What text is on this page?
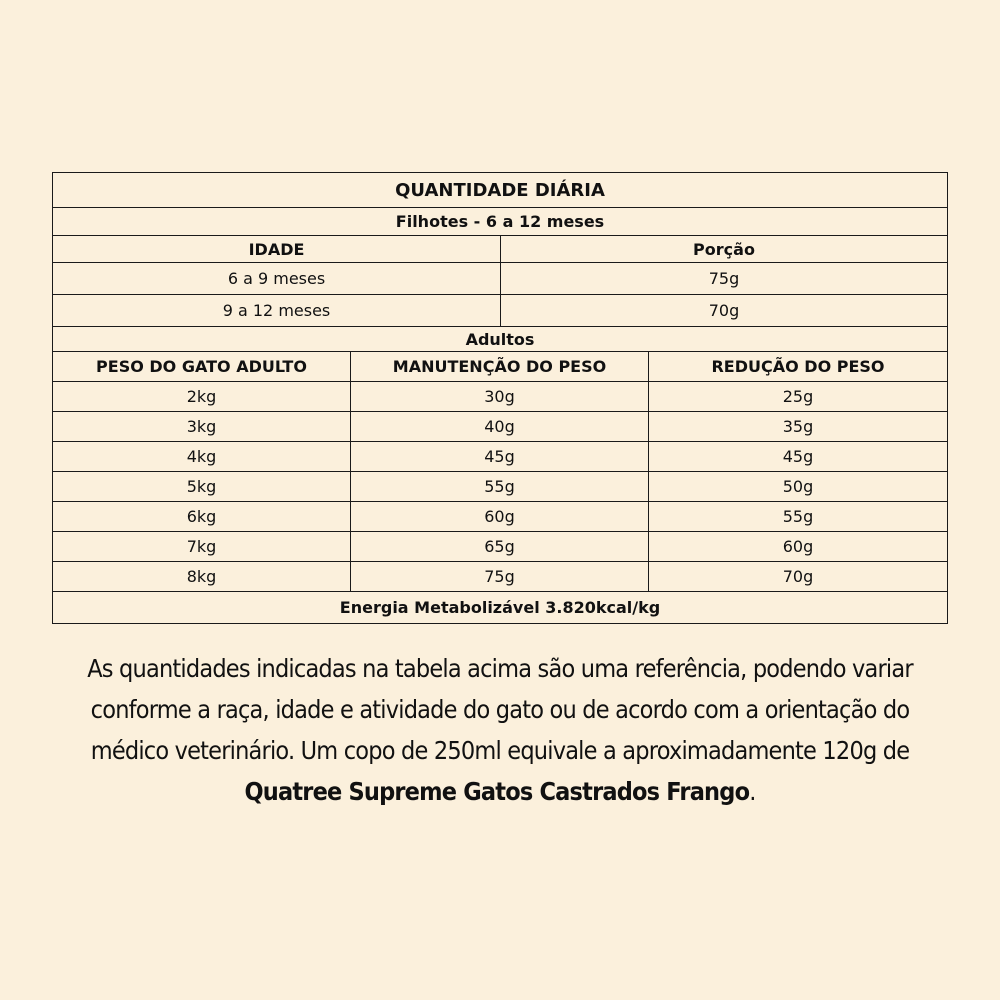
QUANTIDADE DIÁRIA
Filhotes - 6 a 12 meses
IDADE	Porção
6 a 9 meses	75g
9 a 12 meses	70g
Adultos
PESO DO GATO ADULTO	MANUTENÇÃO DO PESO	REDUÇÃO DO PESO
2kg	30g	25g
3kg	40g	35g
4kg	45g	45g
5kg	55g	50g
6kg	60g	55g
7kg	65g	60g
8kg	75g	70g
Energia Metabolizável 3.820kcal/kg
As quantidades indicadas na tabela acima são uma referência, podendo variar conforme a raça, idade e atividade do gato ou de acordo com a orientação do médico veterinário. Um copo de 250ml equivale a aproximadamente 120g de Quatree Supreme Gatos Castrados Frango.
